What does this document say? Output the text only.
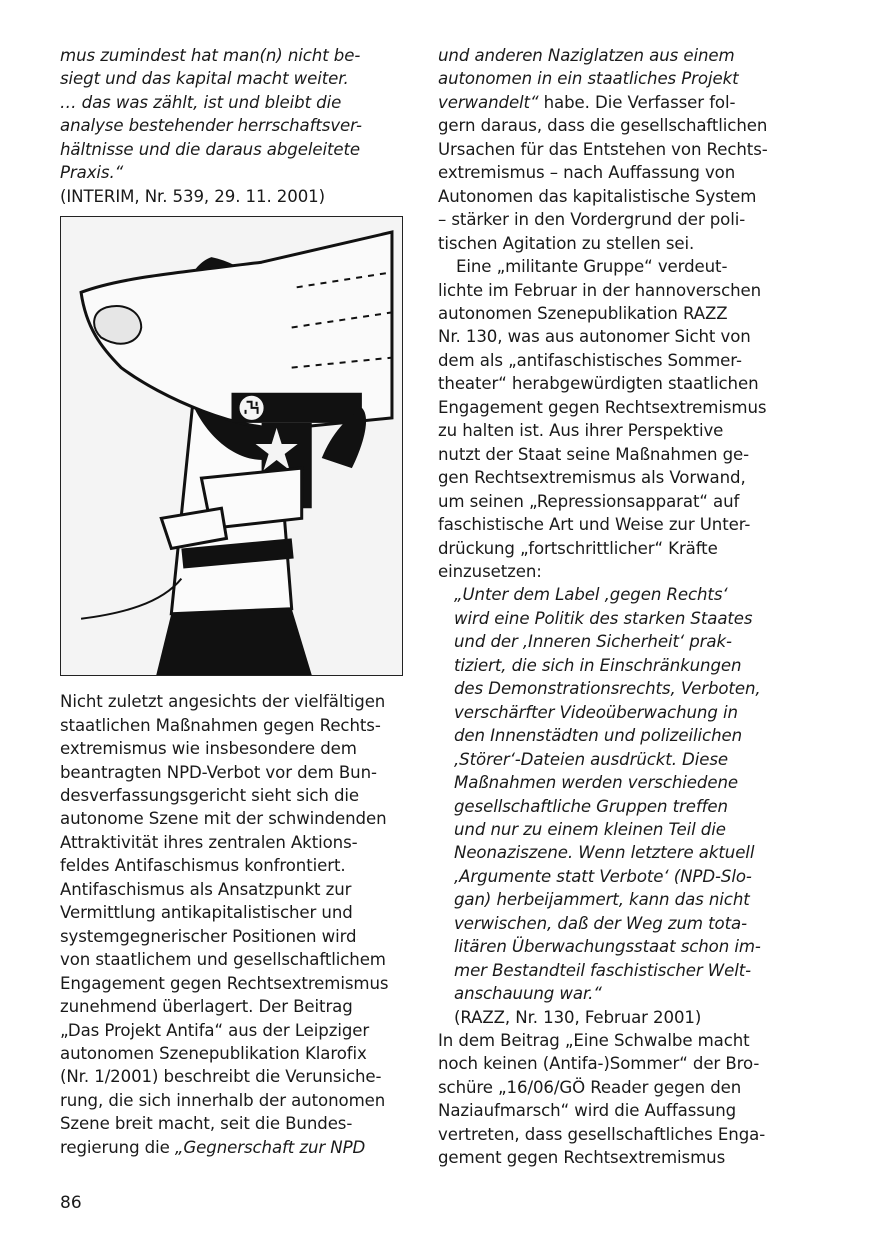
mus zumindest hat man(n) nicht be-
siegt und das kapital macht weiter.
… das was zählt, ist und bleibt die
analyse bestehender herrschaftsver-
hältnisse und die daraus abgeleitete
Praxis.“
(INTERIM, Nr. 539, 29. 11. 2001)
Nicht zuletzt angesichts der vielfältigen
staatlichen Maßnahmen gegen Rechts-
extremismus wie insbesondere dem
beantragten NPD-Verbot vor dem Bun-
desverfassungsgericht sieht sich die
autonome Szene mit der schwindenden
Attraktivität ihres zentralen Aktions-
feldes Antifaschismus konfrontiert.
Antifaschismus als Ansatzpunkt zur
Vermittlung antikapitalistischer und
systemgegnerischer Positionen wird
von staatlichem und gesellschaftlichem
Engagement gegen Rechtsextremismus
zunehmend überlagert. Der Beitrag
„Das Projekt Antifa“ aus der Leipziger
autonomen Szenepublikation Klarofix
(Nr. 1/2001) beschreibt die Verunsiche-
rung, die sich innerhalb der autonomen
Szene breit macht, seit die Bundes-
regierung die „Gegnerschaft zur NPD
und anderen Naziglatzen aus einem
autonomen in ein staatliches Projekt
verwandelt“ habe. Die Verfasser fol-
gern daraus, dass die gesellschaftlichen
Ursachen für das Entstehen von Rechts-
extremismus – nach Auffassung von
Autonomen das kapitalistische System
– stärker in den Vordergrund der poli-
tischen Agitation zu stellen sei.
Eine „militante Gruppe“ verdeut-
lichte im Februar in der hannoverschen
autonomen Szenepublikation RAZZ
Nr. 130, was aus autonomer Sicht von
dem als „antifaschistisches Sommer-
theater“ herabgewürdigten staatlichen
Engagement gegen Rechtsextremismus
zu halten ist. Aus ihrer Perspektive
nutzt der Staat seine Maßnahmen ge-
gen Rechtsextremismus als Vorwand,
um seinen „Repressionsapparat“ auf
faschistische Art und Weise zur Unter-
drückung „fortschrittlicher“ Kräfte
einzusetzen:
„Unter dem Label ‚gegen Rechts‘
wird eine Politik des starken Staates
und der ‚Inneren Sicherheit‘ prak-
tiziert, die sich in Einschränkungen
des Demonstrationsrechts, Verboten,
verschärfter Videoüberwachung in
den Innenstädten und polizeilichen
‚Störer‘-Dateien ausdrückt. Diese
Maßnahmen werden verschiedene
gesellschaftliche Gruppen treffen
und nur zu einem kleinen Teil die
Neonaziszene. Wenn letztere aktuell
‚Argumente statt Verbote‘ (NPD-Slo-
gan) herbeijammert, kann das nicht
verwischen, daß der Weg zum tota-
litären Überwachungsstaat schon im-
mer Bestandteil faschistischer Welt-
anschauung war.“
(RAZZ, Nr. 130, Februar 2001)
In dem Beitrag „Eine Schwalbe macht
noch keinen (Antifa-)Sommer“ der Bro-
schüre „16/06/GÖ Reader gegen den
Naziaufmarsch“ wird die Auffassung
vertreten, dass gesellschaftliches Enga-
gement gegen Rechtsextremismus
86
